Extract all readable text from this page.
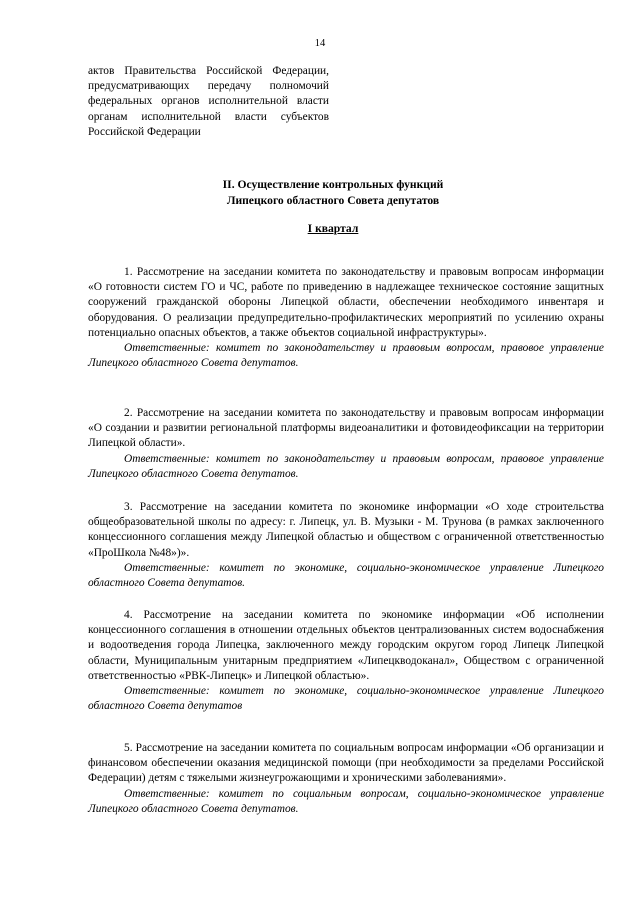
14
актов Правительства Российской Федерации,
предусматривающих передачу полномочий
федеральных органов исполнительной власти
органам исполнительной власти субъектов
Российской Федерации
II. Осуществление контрольных функций
Липецкого областного Совета депутатов
I квартал

1. Рассмотрение на заседании комитета по законодательству и правовым вопросам информации «О готовности систем ГО и ЧС, работе по приведению в надлежащее техническое состояние защитных сооружений гражданской обороны Липецкой области, обеспечении необходимого инвентаря и оборудования. О реализации предупредительно-профилактических мероприятий по усилению охраны потенциально опасных объектов, а также объектов социальной инфраструктуры».

Ответственные: комитет по законодательству и правовым вопросам, правовое управление Липецкого областного Совета депутатов.

2. Рассмотрение на заседании комитета по законодательству и правовым вопросам информации «О создании и развитии региональной платформы видеоаналитики и фотовидеофиксации на территории Липецкой области».

Ответственные: комитет по законодательству и правовым вопросам, правовое управление Липецкого областного Совета депутатов.

3. Рассмотрение на заседании комитета по экономике информации «О ходе строительства общеобразовательной школы по адресу: г. Липецк, ул. В. Музыки - М. Трунова (в рамках заключенного концессионного соглашения между Липецкой областью и обществом с ограниченной ответственностью «ПроШкола №48»)».

Ответственные: комитет по экономике, социально-экономическое управление Липецкого областного Совета депутатов.

4. Рассмотрение на заседании комитета по экономике информации «Об исполнении концессионного соглашения в отношении отдельных объектов централизованных систем водоснабжения и водоотведения города Липецка, заключенного между городским округом город Липецк Липецкой области, Муниципальным унитарным предприятием «Липецкводоканал», Обществом с ограниченной ответственностью «РВК-Липецк» и Липецкой областью».

Ответственные: комитет по экономике, социально-экономическое управление Липецкого областного Совета депутатов

5. Рассмотрение на заседании комитета по социальным вопросам информации «Об организации и финансовом обеспечении оказания медицинской помощи (при необходимости за пределами Российской Федерации) детям с тяжелыми жизнеугрожающими и хроническими заболеваниями».

Ответственные: комитет по социальным вопросам, социально-экономическое управление Липецкого областного Совета депутатов.
